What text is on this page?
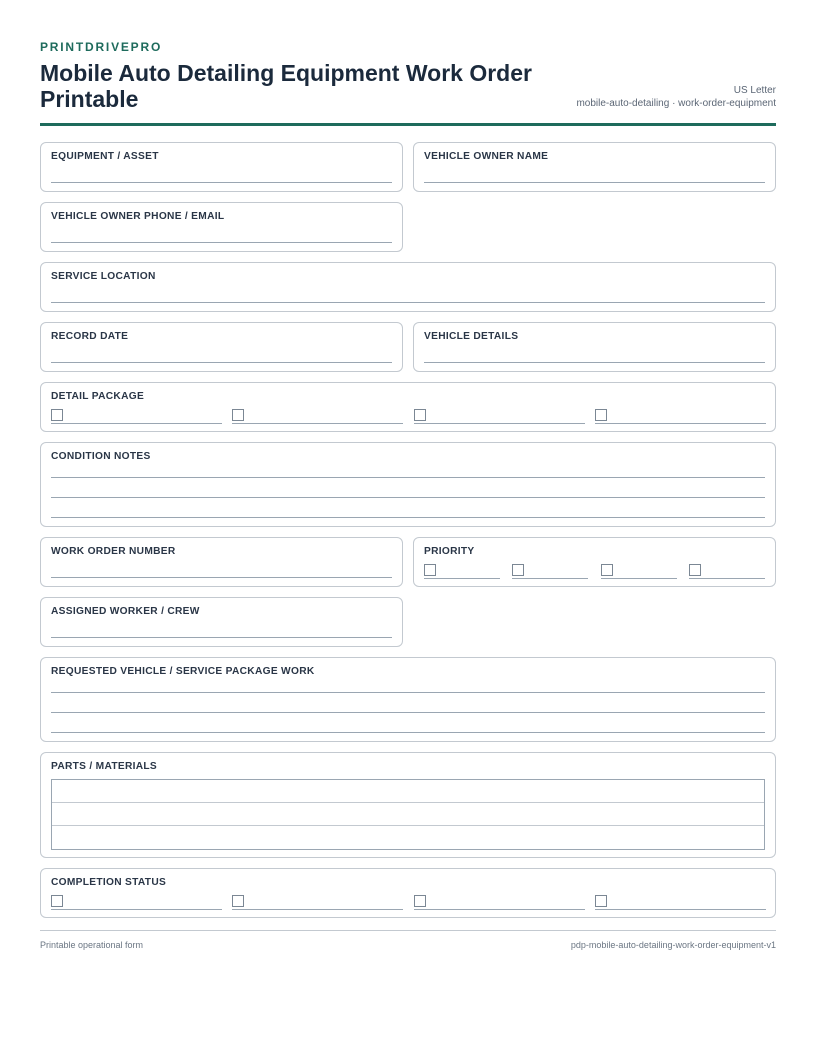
PRINTDRIVEPRO
Mobile Auto Detailing Equipment Work Order Printable	US Letter
mobile-auto-detailing · work-order-equipment
EQUIPMENT / ASSET	VEHICLE OWNER NAME
VEHICLE OWNER PHONE / EMAIL
SERVICE LOCATION
RECORD DATE	VEHICLE DETAILS
DETAIL PACKAGE
CONDITION NOTES
WORK ORDER NUMBER	PRIORITY
ASSIGNED WORKER / CREW
REQUESTED VEHICLE / SERVICE PACKAGE WORK
PARTS / MATERIALS
COMPLETION STATUS
Printable operational form	pdp-mobile-auto-detailing-work-order-equipment-v1
